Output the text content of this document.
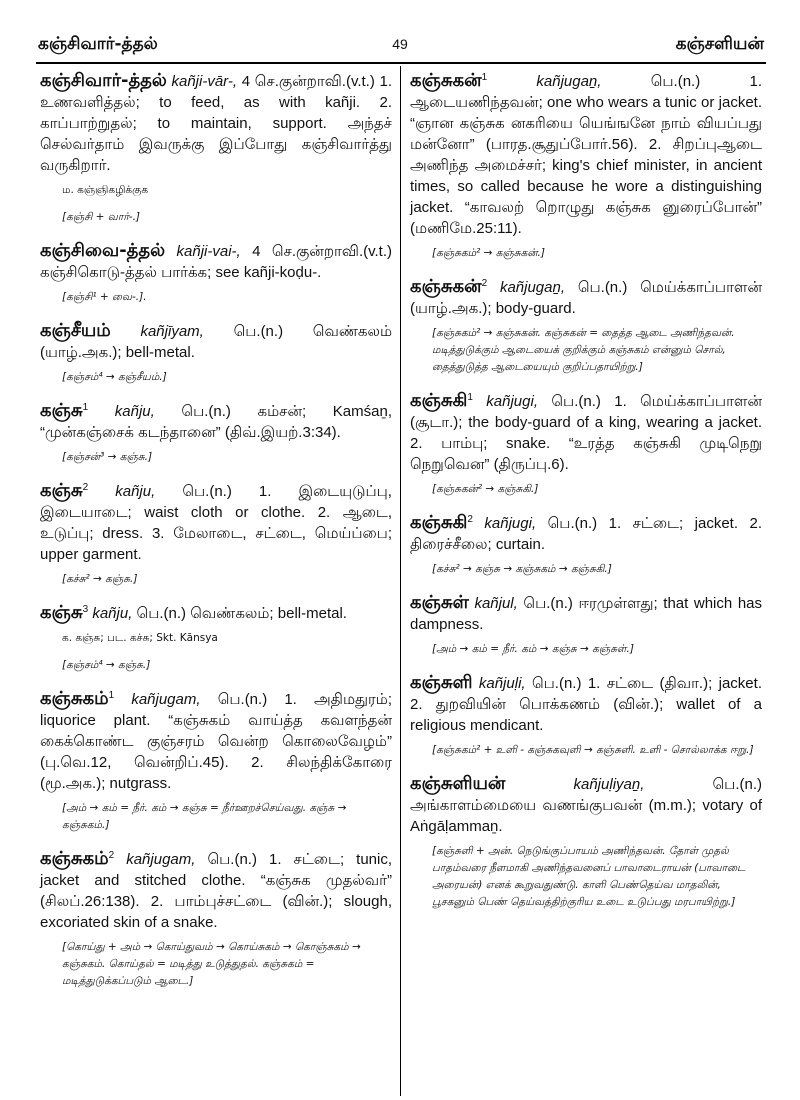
கஞ்சிவார்-த்தல்	49	கஞ்சளியன்
கஞ்சிவார்-த்தல் kañji-vār-, 4 செ.குன்றாவி.(v.t.) 1. உணவளித்தல்; to feed, as with kañji. 2. காப்பாற்றுதல்; to maintain, support. அந்தச் செல்வர்தாம் இவருக்கு இப்போது கஞ்சிவார்த்து வருகிறார்.
ம. கஞ்ஞிகழிக்குக
[கஞ்சி + வார்-.]
கஞ்சிவை-த்தல் kañji-vai-, 4 செ.குன்றாவி.(v.t.) கஞ்சிகொடு-த்தல் பார்க்க; see kañji-koḍu-.
[கஞ்சி¹ + வை-.].
கஞ்சீயம் kañjīyam, பெ.(n.) வெண்கலம் (யாழ்.அக.); bell-metal.
[கஞ்சம்⁴ → கஞ்சீயம்.]
கஞ்சு$^1$ kañju, பெ.(n.) கம்சன்; Kamśaṉ, “முன்கஞ்சைக் கடந்தானை” (திவ்.இயற்.3:34).
[கஞ்சன்³ → கஞ்சு.]
கஞ்சு$^2$ kañju, பெ.(n.) 1. இடையுடுப்பு, இடையாடை; waist cloth or clothe. 2. ஆடை, உடுப்பு; dress. 3. மேலாடை, சட்டை, மெய்ப்பை; upper garment.
[கச்சு² → கஞ்சு.]
கஞ்சு$^3$ kañju, பெ.(n.) வெண்கலம்; bell-metal.
க. கஞ்சு; பட. கச்சு; Skt. Kānsya
[கஞ்சம்⁴ → கஞ்சு.]
கஞ்சுகம்$^1$ kañjugam, பெ.(n.) 1. அதிமதுரம்; liquorice plant. “கஞ்சுகம் வாய்த்த கவளந்தன் கைக்கொண்ட குஞ்சரம் வென்ற கொலைவேழம்” (பு.வெ.12, வென்றிப்.45). 2. சிலந்திக்கோரை (மூ.அக.); nutgrass.
[அம் → கம் = நீர். கம் → கஞ்சு = நீர்ஊறச்செய்வது. கஞ்சு → கஞ்சுகம்.]
கஞ்சுகம்$^2$ kañjugam, பெ.(n.) 1. சட்டை; tunic, jacket and stitched clothe. “கஞ்சுக முதல்வர்” (சிலப்.26:138). 2. பாம்புச்சட்டை (வின்.); slough, excoriated skin of a snake.
[கொய்து + அம் → கொய்துவம் → கொய்சுகம் → கொஞ்சுகம் → கஞ்சுகம். கொய்தல் = மடித்து உடுத்துதல். கஞ்சுகம் = மடித்துடுக்கப்படும் ஆடை.]
கஞ்சுகன்$^1$	kañjugaṉ,	பெ.(n.) 1. ஆடையணிந்தவன்; one who wears a tunic or jacket. “ஞான கஞ்சுக னகரியை யெங்ஙனே நாம் வியப்பது மன்னோ” (பாரத.சூதுப்போர்.56). 2. சிறப்புஆடை அணிந்த அமைச்சர்; king's chief minister, in ancient times, so called because he wore a distinguishing jacket. “காவலற் றொழுது கஞ்சுக னுரைப்போன்” (மணிமே.25:11).
[கஞ்சுகம்² → கஞ்சுகன்.]
கஞ்சுகன்$^2$ kañjugaṉ, பெ.(n.) மெய்க்காப்பாளன் (யாழ்.அக.); body-guard.
[கஞ்சுகம்² → கஞ்சுகன். கஞ்சுகன் = தைத்த ஆடை அணிந்தவன். மடித்துடுக்கும் ஆடையைக் குறிக்கும் கஞ்சுகம் என்னும் சொல், தைத்துடுத்த ஆடையையும் குறிப்பதாயிற்று.]
கஞ்சுகி$^1$ kañjugi, பெ.(n.) 1. மெய்க்காப்பாளன் (சூடா.); the body-guard of a king, wearing a jacket. 2. பாம்பு; snake. “உரத்த கஞ்சுகி முடிநெறு நெறுவென” (திருப்பு.6).
[கஞ்சுகன்² → கஞ்சுகி.]
கஞ்சுகி$^2$ kañjugi, பெ.(n.) 1. சட்டை; jacket. 2. திரைச்சீலை; curtain.
[கச்சு² → கஞ்சு → கஞ்சுகம் → கஞ்சுகி.]
கஞ்சுள் kañjul, பெ.(n.) ஈரமுள்ளது; that which has dampness.
[அம் → கம் = நீர். கம் → கஞ்சு → கஞ்சுள்.]
கஞ்சுளி kañjuḷi, பெ.(n.) 1. சட்டை (திவா.); jacket. 2. துறவியின் பொக்கணம் (வின்.); wallet of a religious mendicant.
[கஞ்சுகம்² + உளி - கஞ்சுகவுளி → கஞ்சுளி. உளி - சொல்லாக்க ஈறு.]
கஞ்சுளியன்	kañjuḷiyaṉ,	பெ.(n.) அங்காளம்மையை வணங்குபவன் (m.m.); votary of Aṅgāḷammaṉ.
[கஞ்சுளி + அன். நெடுங்குப்பாயம் அணிந்தவன். தோள் முதல் பாதம்வரை நீளமாகி அணிந்தவனைப் பாவாடைராயன் (பாவாடை அரையன்) எனக் கூறுவதுண்டு. காளி பெண்தெய்வ மாதலின், பூசகனும் பெண் தெய்வத்திற்குரிய உடை உடுப்பது மரபாயிற்று.]
